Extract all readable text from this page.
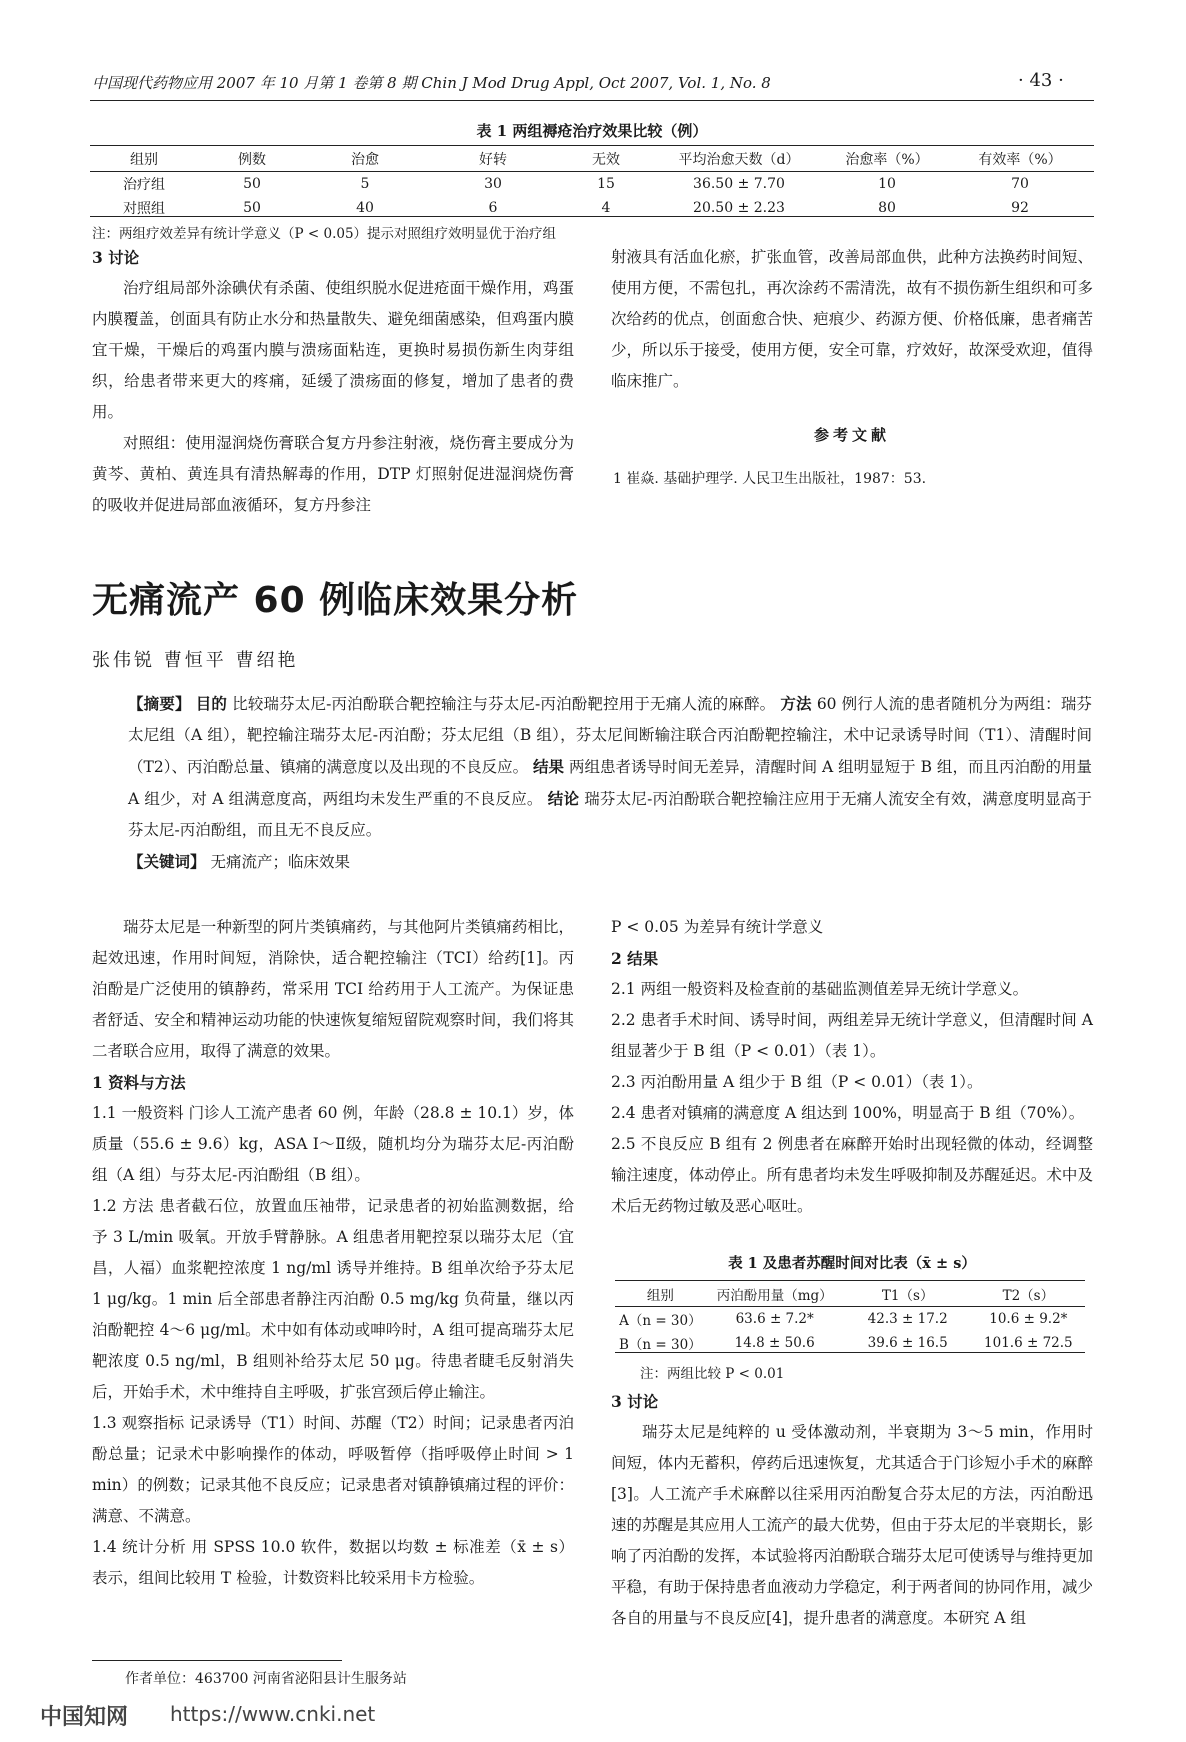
中国现代药物应用 2007 年 10 月第 1 卷第 8 期 Chin J Mod Drug Appl, Oct 2007, Vol. 1, No. 8	· 43 ·
表 1 两组褥疮治疗效果比较（例）
组别	例数	治愈	好转	无效	平均治愈天数（d）	治愈率（%）	有效率（%）
治疗组	50	5	30	15	36.50 ± 7.70	10	70
对照组	50	40	6	4	20.50 ± 2.23	80	92
注：两组疗效差异有统计学意义（P < 0.05）提示对照组疗效明显优于治疗组

3 讨论

治疗组局部外涂碘伏有杀菌、使组织脱水促进疮面干燥作用，鸡蛋内膜覆盖，创面具有防止水分和热量散失、避免细菌感染，但鸡蛋内膜宜干燥，干燥后的鸡蛋内膜与溃疡面粘连，更换时易损伤新生肉芽组织，给患者带来更大的疼痛，延缓了溃疡面的修复，增加了患者的费用。

对照组：使用湿润烧伤膏联合复方丹参注射液，烧伤膏主要成分为黄芩、黄柏、黄连具有清热解毒的作用，DTP 灯照射促进湿润烧伤膏的吸收并促进局部血液循环，复方丹参注

射液具有活血化瘀，扩张血管，改善局部血供，此种方法换药时间短、使用方便，不需包扎，再次涂药不需清洗，故有不损伤新生组织和可多次给药的优点，创面愈合快、疤痕少、药源方便、价格低廉，患者痛苦少，所以乐于接受，使用方便，安全可靠，疗效好，故深受欢迎，值得临床推广。

参考文献
1 崔焱. 基础护理学. 人民卫生出版社，1987：53.
无痛流产 60 例临床效果分析
张伟锐 曹恒平 曹绍艳
【摘要】 目的 比较瑞芬太尼-丙泊酚联合靶控输注与芬太尼-丙泊酚靶控用于无痛人流的麻醉。 方法 60 例行人流的患者随机分为两组：瑞芬太尼组（A 组），靶控输注瑞芬太尼-丙泊酚；芬太尼组（B 组），芬太尼间断输注联合丙泊酚靶控输注，术中记录诱导时间（T1）、清醒时间（T2）、丙泊酚总量、镇痛的满意度以及出现的不良反应。 结果 两组患者诱导时间无差异，清醒时间 A 组明显短于 B 组，而且丙泊酚的用量 A 组少，对 A 组满意度高，两组均未发生严重的不良反应。 结论 瑞芬太尼-丙泊酚联合靶控输注应用于无痛人流安全有效，满意度明显高于芬太尼-丙泊酚组，而且无不良反应。
【关键词】 无痛流产；临床效果

瑞芬太尼是一种新型的阿片类镇痛药，与其他阿片类镇痛药相比，起效迅速，作用时间短，消除快，适合靶控输注（TCI）给药[1]。丙泊酚是广泛使用的镇静药，常采用 TCI 给药用于人工流产。为保证患者舒适、安全和精神运动功能的快速恢复缩短留院观察时间，我们将其二者联合应用，取得了满意的效果。

1 资料与方法

1.1 一般资料 门诊人工流产患者 60 例，年龄（28.8 ± 10.1）岁，体质量（55.6 ± 9.6）kg，ASA Ⅰ～Ⅱ级，随机均分为瑞芬太尼-丙泊酚组（A 组）与芬太尼-丙泊酚组（B 组）。

1.2 方法 患者截石位，放置血压袖带，记录患者的初始监测数据，给予 3 L/min 吸氧。开放手臂静脉。A 组患者用靶控泵以瑞芬太尼（宜昌，人福）血浆靶控浓度 1 ng/ml 诱导并维持。B 组单次给予芬太尼 1 μg/kg。1 min 后全部患者静注丙泊酚 0.5 mg/kg 负荷量，继以丙泊酚靶控 4～6 μg/ml。术中如有体动或呻吟时，A 组可提高瑞芬太尼靶浓度 0.5 ng/ml，B 组则补给芬太尼 50 μg。待患者睫毛反射消失后，开始手术，术中维持自主呼吸，扩张宫颈后停止输注。

1.3 观察指标 记录诱导（T1）时间、苏醒（T2）时间；记录患者丙泊酚总量；记录术中影响操作的体动，呼吸暂停（指呼吸停止时间 > 1 min）的例数；记录其他不良反应；记录患者对镇静镇痛过程的评价：满意、不满意。

1.4 统计分析 用 SPSS 10.0 软件，数据以均数 ± 标准差（x̄ ± s）表示，组间比较用 T 检验，计数资料比较采用卡方检验。

作者单位：463700 河南省泌阳县计生服务站

P < 0.05 为差异有统计学意义

2 结果

2.1 两组一般资料及检查前的基础监测值差异无统计学意义。

2.2 患者手术时间、诱导时间，两组差异无统计学意义，但清醒时间 A 组显著少于 B 组（P < 0.01）（表 1）。

2.3 丙泊酚用量 A 组少于 B 组（P < 0.01）（表 1）。

2.4 患者对镇痛的满意度 A 组达到 100%，明显高于 B 组（70%）。

2.5 不良反应 B 组有 2 例患者在麻醉开始时出现轻微的体动，经调整输注速度，体动停止。所有患者均未发生呼吸抑制及苏醒延迟。术中及术后无药物过敏及恶心呕吐。

表 1 及患者苏醒时间对比表（x̄ ± s）
组别	丙泊酚用量（mg）	T1（s）	T2（s）
A（n = 30）	63.6 ± 7.2*	42.3 ± 17.2	10.6 ± 9.2*
B（n = 30）	14.8 ± 50.6	39.6 ± 16.5	101.6 ± 72.5
注：两组比较 P < 0.01

3 讨论

瑞芬太尼是纯粹的 u 受体激动剂，半衰期为 3～5 min，作用时间短，体内无蓄积，停药后迅速恢复，尤其适合于门诊短小手术的麻醉[3]。人工流产手术麻醉以往采用丙泊酚复合芬太尼的方法，丙泊酚迅速的苏醒是其应用人工流产的最大优势，但由于芬太尼的半衰期长，影响了丙泊酚的发挥，本试验将丙泊酚联合瑞芬太尼可使诱导与维持更加平稳，有助于保持患者血液动力学稳定，利于两者间的协同作用，减少各自的用量与不良反应[4]，提升患者的满意度。本研究 A 组

中国知网 https://www.cnki.net
